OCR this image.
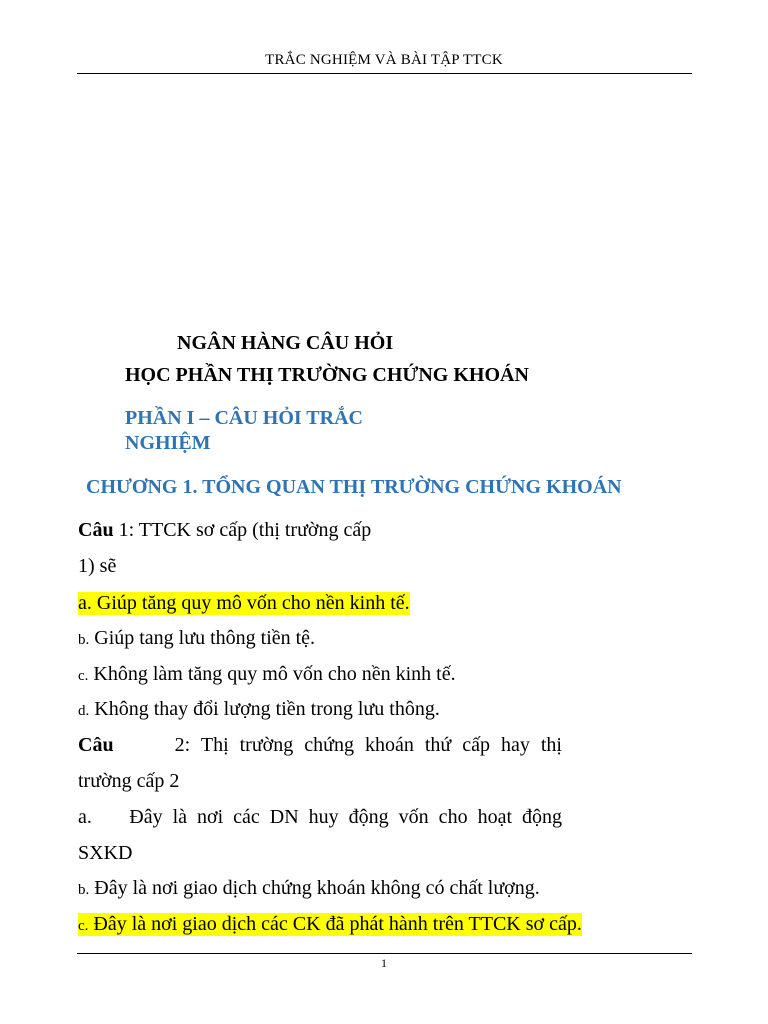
TRẮC NGHIỆM VÀ BÀI TẬP TTCK
NGÂN HÀNG CÂU HỎI
HỌC PHẦN THỊ TRƯỜNG CHỨNG KHOÁN
PHẦN I – CÂU HỎI TRẮC
NGHIỆM
CHƯƠNG 1. TỔNG QUAN THỊ TRƯỜNG CHỨNG KHOÁN
Câu 1: TTCK sơ cấp (thị trường cấp
1) sẽ
a. Giúp tăng quy mô vốn cho nền kinh tế.
b. Giúp tang lưu thông tiền tệ.
c. Không làm tăng quy mô vốn cho nền kinh tế.
d. Không thay đổi lượng tiền trong lưu thông.
Câu	2: Thị trường chứng khoán thứ cấp hay thị
trường cấp 2
a. Đây là nơi các DN huy động vốn cho hoạt động
SXKD
b. Đây là nơi giao dịch chứng khoán không có chất lượng.
c. Đây là nơi giao dịch các CK đã phát hành trên TTCK sơ cấp.
1
